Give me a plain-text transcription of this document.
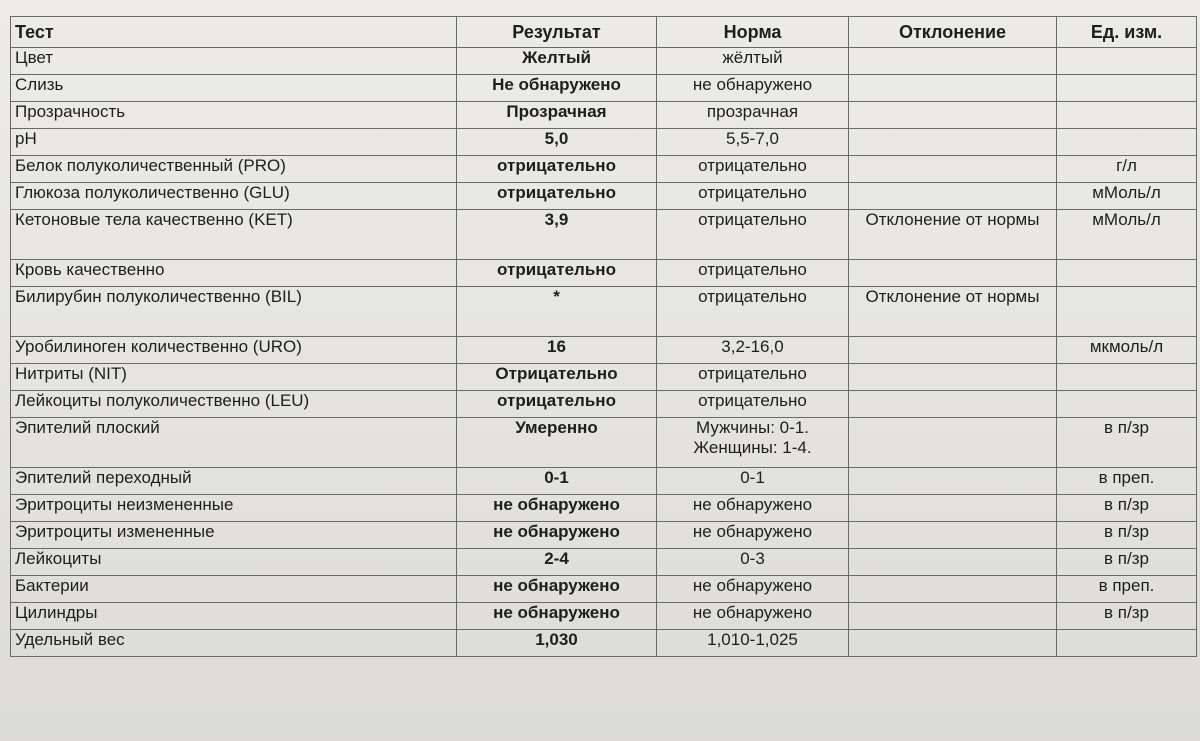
Тест	Результат	Норма	Отклонение	Ед. изм.
Цвет	Желтый	жёлтый		
Слизь	Не обнаружено	не обнаружено		
Прозрачность	Прозрачная	прозрачная		
pH	5,0	5,5-7,0		
Белок полуколичественный (PRO)	отрицательно	отрицательно		г/л
Глюкоза полуколичественно (GLU)	отрицательно	отрицательно		мМоль/л
Кетоновые тела качественно (KET)	3,9	отрицательно	Отклонение от нормы	мМоль/л
Кровь качественно	отрицательно	отрицательно		
Билирубин полуколичественно (BIL)	*	отрицательно	Отклонение от нормы	
Уробилиноген количественно (URO)	16	3,2-16,0		мкмоль/л
Нитриты (NIT)	Отрицательно	отрицательно		
Лейкоциты полуколичественно (LEU)	отрицательно	отрицательно		
Эпителий плоский	Умеренно	Мужчины: 0-1. Женщины: 1-4.		в п/зр
Эпителий переходный	0-1	0-1		в преп.
Эритроциты неизмененные	не обнаружено	не обнаружено		в п/зр
Эритроциты измененные	не обнаружено	не обнаружено		в п/зр
Лейкоциты	2-4	0-3		в п/зр
Бактерии	не обнаружено	не обнаружено		в преп.
Цилиндры	не обнаружено	не обнаружено		в п/зр
Удельный вес	1,030	1,010-1,025		
